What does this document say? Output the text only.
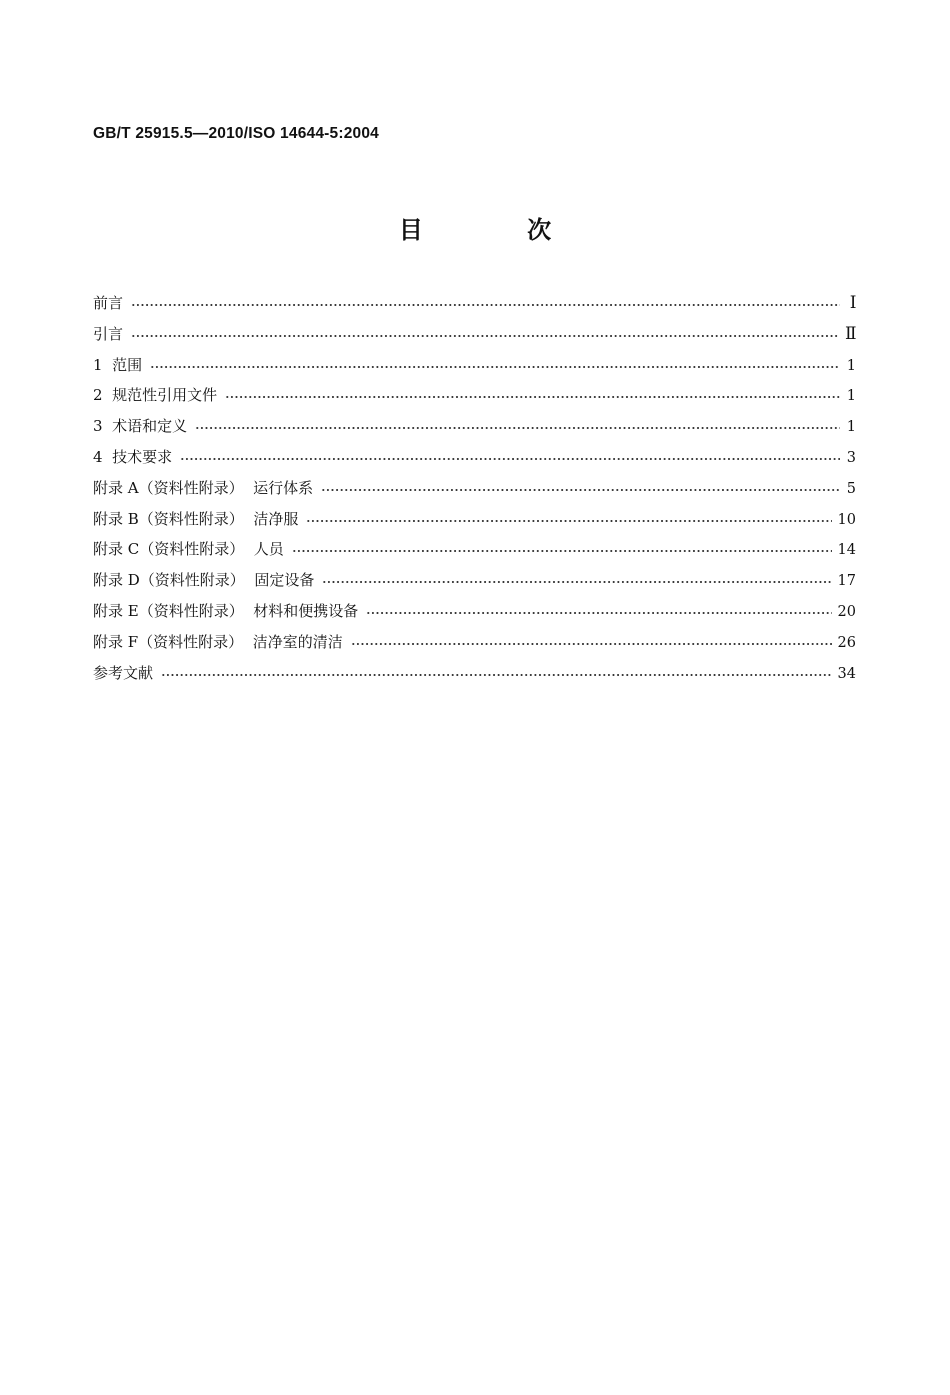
GB/T 25915.5—2010/ISO 14644-5:2004
目 次
前言	Ⅰ
引言	Ⅱ
1  范围	1
2  规范性引用文件	1
3  术语和定义	1
4  技术要求	3
附录 A（资料性附录）  运行体系	5
附录 B（资料性附录）  洁净服	10
附录 C（资料性附录）  人员	14
附录 D（资料性附录）  固定设备	17
附录 E（资料性附录）  材料和便携设备	20
附录 F（资料性附录）  洁净室的清洁	26
参考文献	34
